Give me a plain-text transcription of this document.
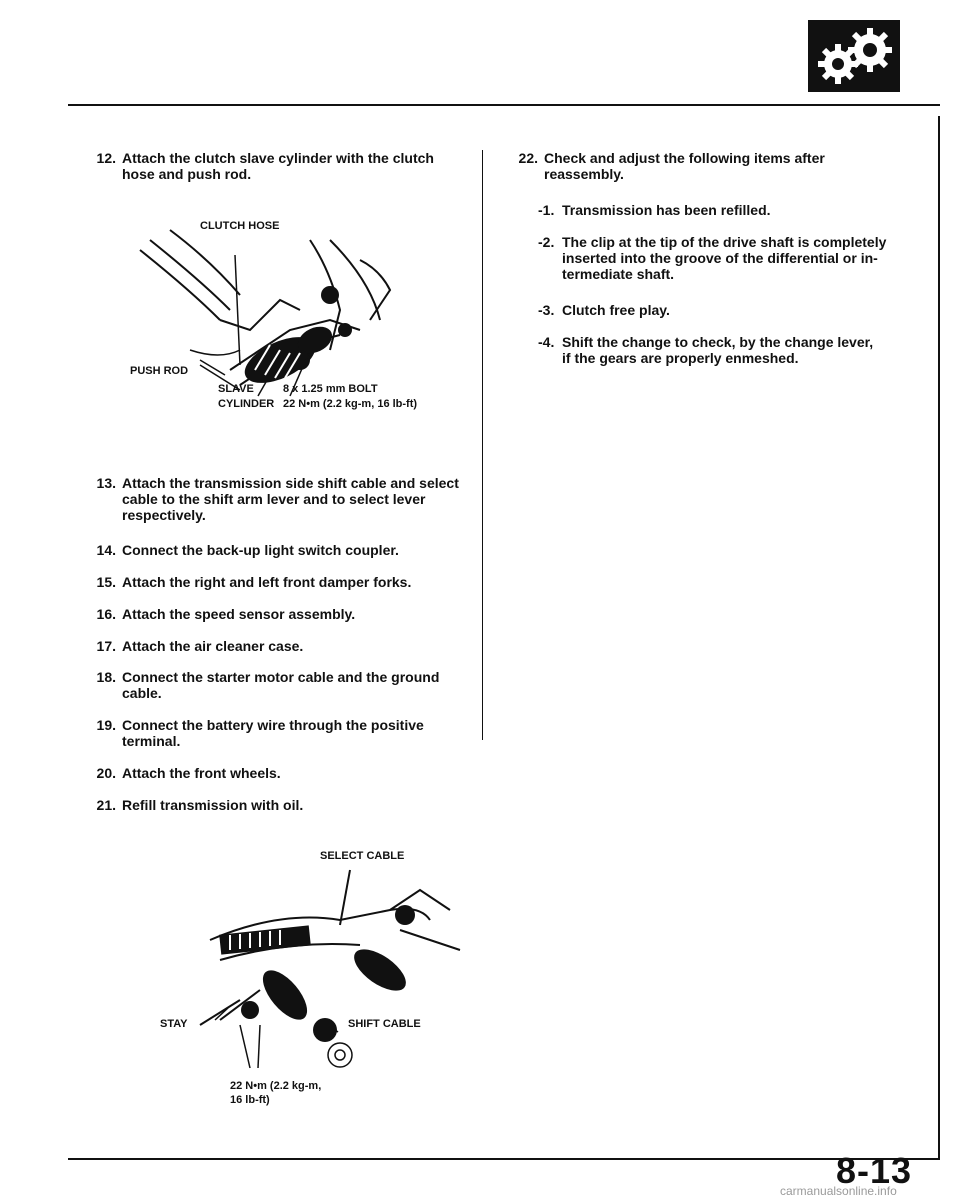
12. Attach the clutch slave cylinder with the clutch
hose and push rod.
CLUTCH HOSE
PUSH ROD
SLAVE
CYLINDER
8 x 1.25 mm BOLT
22 N•m (2.2 kg-m, 16 lb-ft)
13. Attach the transmission side shift cable and select
cable to the shift arm lever and to select lever
respectively.
14. Connect the back-up light switch coupler.
15. Attach the right and left front damper forks.
16. Attach the speed sensor assembly.
17. Attach the air cleaner case.
18. Connect the starter motor cable and the ground
cable.
19. Connect the battery wire through the positive
terminal.
20. Attach the front wheels.
21. Refill transmission with oil.
SELECT CABLE
STAY	SHIFT CABLE
22 N•m (2.2 kg-m,
16 lb-ft)
22. Check and adjust the following items after
reassembly.
-1. Transmission has been refilled.
-2. The clip at the tip of the drive shaft is completely
inserted into the groove of the differential or in-
termediate shaft.
-3. Clutch free play.
-4. Shift the change to check, by the change lever,
if the gears are properly enmeshed.
8-13
carmanualsonline.info
